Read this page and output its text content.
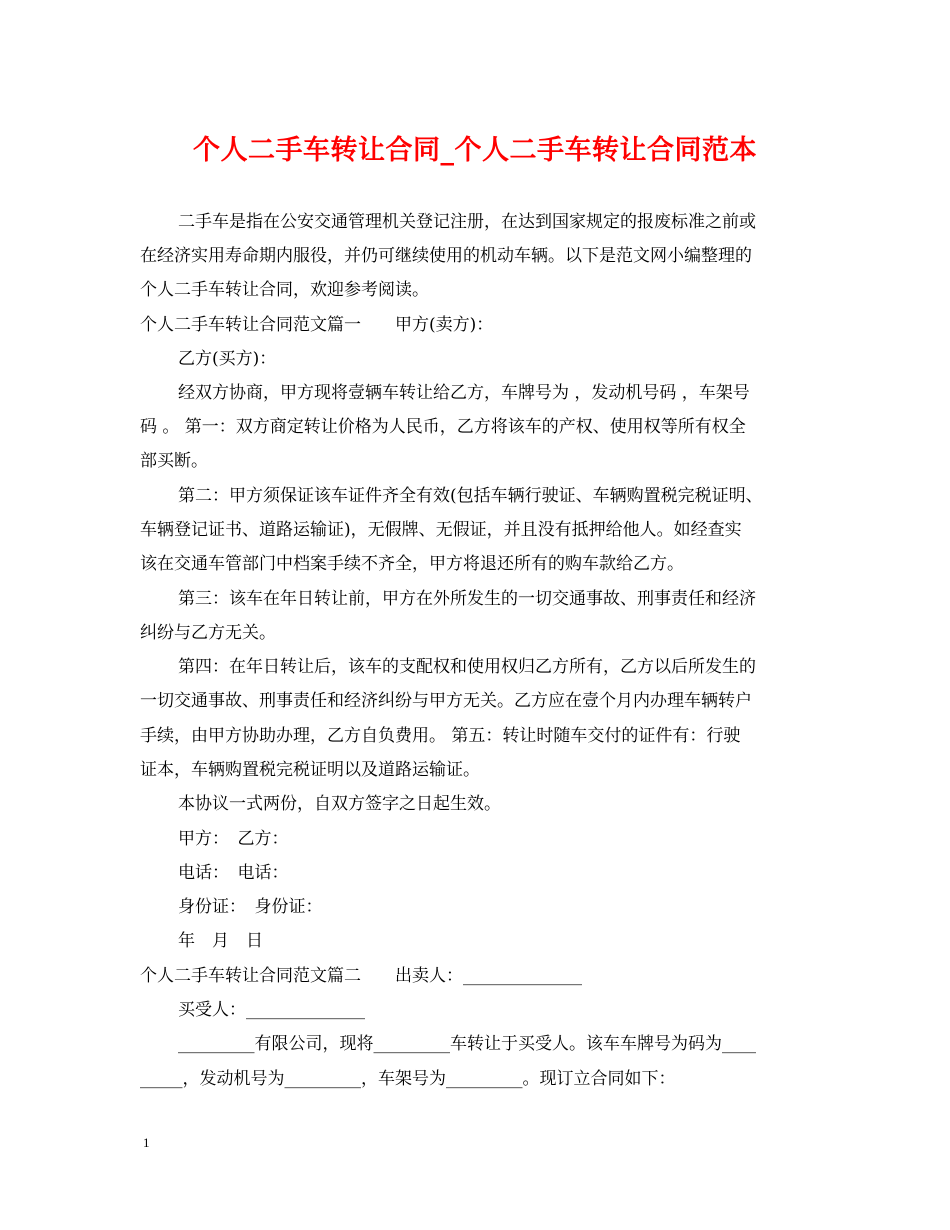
个人二手车转让合同_个人二手车转让合同范本
二手车是指在公安交通管理机关登记注册，在达到国家规定的报废标准之前或
在经济实用寿命期内服役，并仍可继续使用的机动车辆。以下是范文网小编整理的
个人二手车转让合同，欢迎参考阅读。
个人二手车转让合同范文篇一　　甲方(卖方)：
乙方(买方)：
经双方协商，甲方现将壹辆车转让给乙方，车牌号为 ，发动机号码 ，车架号
码 。 第一：双方商定转让价格为人民币，乙方将该车的产权、使用权等所有权全
部买断。
第二：甲方须保证该车证件齐全有效(包括车辆行驶证、车辆购置税完税证明、
车辆登记证书、道路运输证)，无假牌、无假证，并且没有抵押给他人。如经查实
该在交通车管部门中档案手续不齐全，甲方将退还所有的购车款给乙方。
第三：该车在年日转让前，甲方在外所发生的一切交通事故、刑事责任和经济
纠纷与乙方无关。
第四：在年日转让后，该车的支配权和使用权归乙方所有，乙方以后所发生的
一切交通事故、刑事责任和经济纠纷与甲方无关。乙方应在壹个月内办理车辆转户
手续，由甲方协助办理，乙方自负费用。 第五：转让时随车交付的证件有：行驶
证本，车辆购置税完税证明以及道路运输证。
本协议一式两份，自双方签字之日起生效。
甲方：　乙方：
电话：　电话：
身份证：　身份证：
年　月　日
个人二手车转让合同范文篇二　　出卖人：______________
买受人：______________
_________有限公司，现将_________车转让于买受人。该车车牌号为码为____
_____，发动机号为_________，车架号为_________。现订立合同如下：
1
